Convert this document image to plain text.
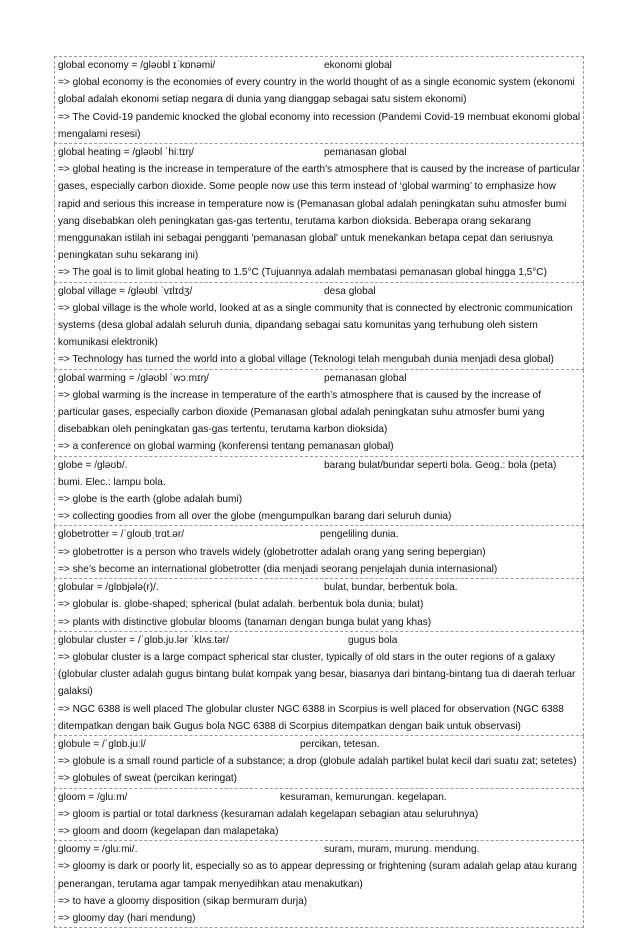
global economy = /ɡləʊbl ɪˈkɒnəmi/	ekonomi global
=> global economy is the economies of every country in the world thought of as a single economic system (ekonomi global adalah ekonomi setiap negara di dunia yang dianggap sebagai satu sistem ekonomi)
=> The Covid-19 pandemic knocked the global economy into recession (Pandemi Covid-19 membuat ekonomi global mengalami resesi)
global heating = /ɡləʊbl ˈhiːtɪŋ/	pemanasan global
=> global heating is the increase in temperature of the earth's atmosphere that is caused by the increase of particular gases, especially carbon dioxide. Some people now use this term instead of ‘global warming’ to emphasize how rapid and serious this increase in temperature now is (Pemanasan global adalah peningkatan suhu atmosfer bumi yang disebabkan oleh peningkatan gas-gas tertentu, terutama karbon dioksida. Beberapa orang sekarang menggunakan istilah ini sebagai pengganti 'pemanasan global' untuk menekankan betapa cepat dan seriusnya peningkatan suhu sekarang ini)
=> The goal is to limit global heating to 1.5°C (Tujuannya adalah membatasi pemanasan global hingga 1,5°C)
global village = /ɡləʊbl ˈvɪlɪdʒ/	desa global
=> global village is the whole world, looked at as a single community that is connected by electronic communication systems (desa global adalah seluruh dunia, dipandang sebagai satu komunitas yang terhubung oleh sistem komunikasi elektronik)
=> Technology has turned the world into a global village (Teknologi telah mengubah dunia menjadi desa global)
global warming = /ɡləʊbl ˈwɔːmɪŋ/	pemanasan global
=> global warming is the increase in temperature of the earth’s atmosphere that is caused by the increase of particular gases, especially carbon dioxide (Pemanasan global adalah peningkatan suhu atmosfer bumi yang disebabkan oleh peningkatan gas-gas tertentu, terutama karbon dioksida)
=> a conference on global warming (konferensi tentang pemanasan global)
globe = /ɡləʊb/.	barang bulat/bundar seperti bola. Geog.: bola (peta) bumi. Elec.: lampu bola.
=> globe is the earth (globe adalah bumi)
=> collecting goodies from all over the globe (mengumpulkan barang dari seluruh dunia)
globetrotter = /ˈɡloʊbˌtrɑt.ər/	pengeliling dunia.
=> globetrotter is a person who travels widely (globetrotter adalah orang yang sering bepergian)
=> she’s become an international globetrotter (dia menjadi seorang penjelajah dunia internasional)
globular = /ɡlɒbjələ(r)/.	bulat, bundar, berbentuk bola.
=> globular is. globe-shaped; spherical (bulat adalah. berbentuk bola dunia; bulat)
=> plants with distinctive globular blooms (tanaman dengan bunga bulat yang khas)
globular cluster = /ˈɡlɒb.jʊ.lər ˈklʌs.tər/	gugus bola
=> globular cluster is a large compact spherical star cluster, typically of old stars in the outer regions of a galaxy (globular cluster adalah gugus bintang bulat kompak yang besar, biasanya dari bintang-bintang tua di daerah terluar galaksi)
=> NGC 6388 is well placed The globular cluster NGC 6388 in Scorpius is well placed for observation (NGC 6388 ditempatkan dengan baik Gugus bola NGC 6388 di Scorpius ditempatkan dengan baik untuk observasi)
globule = /ˈɡlɒb.juːl/	percikan, tetesan.
=> globule is a small round particle of a substance; a drop (globule adalah partikel bulat kecil dari suatu zat; setetes)
=> globules of sweat (percikan keringat)
gloom = /ɡluːm/	kesuraman, kemurungan. kegelapan.
=> gloom is partial or total darkness (kesuraman adalah kegelapan sebagian atau seluruhnya)
=> gloom and doom (kegelapan dan malapetaka)
gloomy = /ɡluːmi/.	suram, muram, murung. mendung.
=> gloomy is dark or poorly lit, especially so as to appear depressing or frightening (suram adalah gelap atau kurang penerangan, terutama agar tampak menyedihkan atau menakutkan)
=> to have a gloomy disposition (sikap bermuram durja)
=> gloomy day (hari mendung)
